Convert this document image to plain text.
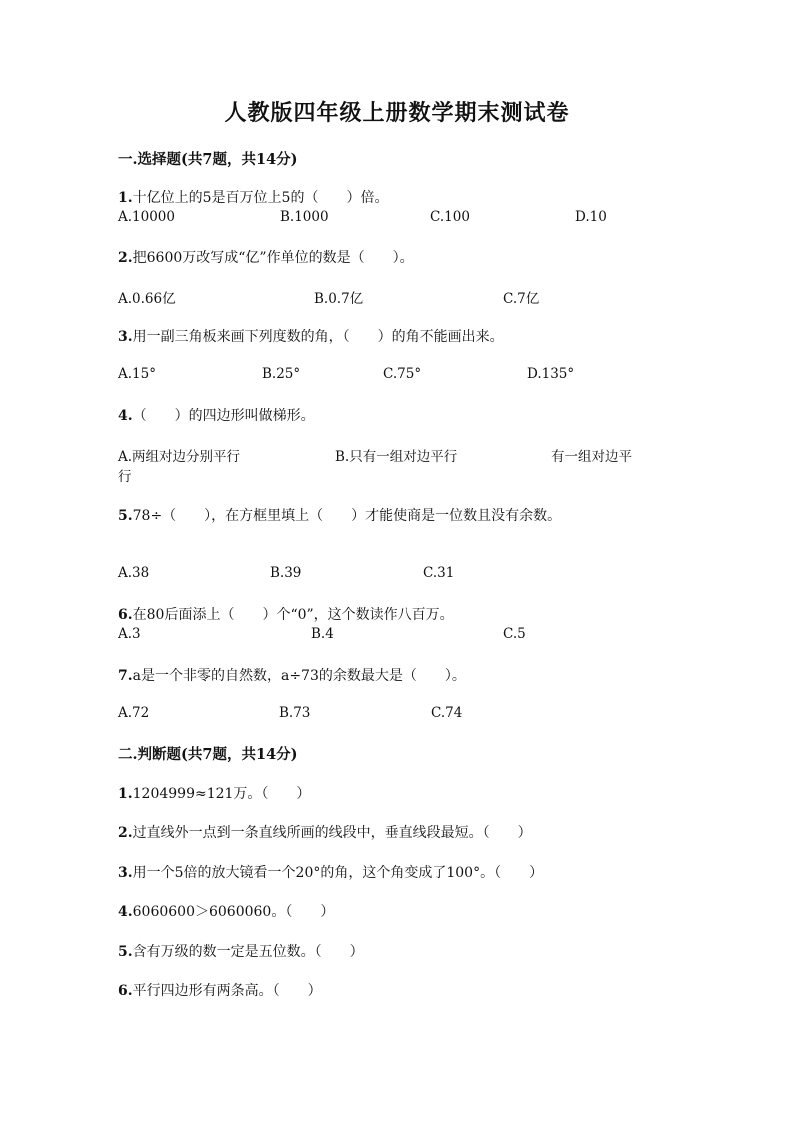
人教版四年级上册数学期末测试卷
一.选择题(共7题，共14分)
1.十亿位上的5是百万位上5的（　　）倍。
A.10000	B.1000	C.100	D.10
2.把6600万改写成“亿”作单位的数是（　　）。
A.0.66亿	B.0.7亿	C.7亿
3.用一副三角板来画下列度数的角，（　　）的角不能画出来。
A.15°	B.25°	C.75°	D.135°
4.（　　）的四边形叫做梯形。
A.两组对边分别平行	B.只有一组对边平行	有一组对边平
行
5.78÷（　　），在方框里填上（　　）才能使商是一位数且没有余数。
A.38	B.39	C.31
6.在80后面添上（　　）个“0”，这个数读作八百万。
A.3	B.4	C.5
7.a是一个非零的自然数，a÷73的余数最大是（　　）。
A.72	B.73	C.74
二.判断题(共7题，共14分)
1.1204999≈121万。（　　）
2.过直线外一点到一条直线所画的线段中，垂直线段最短。（　　）
3.用一个5倍的放大镜看一个20°的角，这个角变成了100°。（　　）
4.6060600＞6060060。（　　）
5.含有万级的数一定是五位数。（　　）
6.平行四边形有两条高。（　　）
